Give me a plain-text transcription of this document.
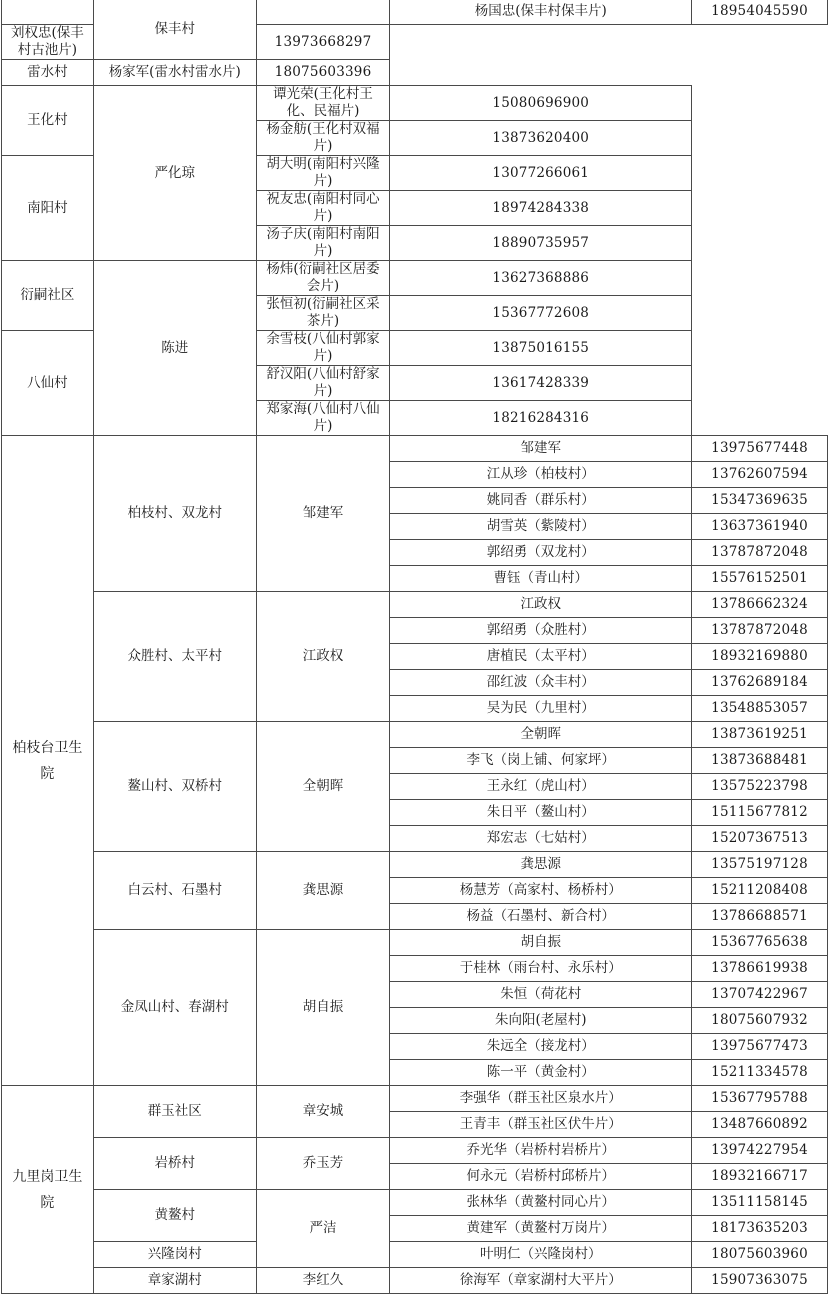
	保丰村		杨国忠(保丰村保丰片)	18954045590
刘权忠(保丰村古池片)		13973668297		
雷水村	杨家军(雷水村雷水片)	18075603396		
王化村	严化琼	谭光荣(王化村王化、民福片)	15080696900	
		杨金舫(王化村双福片)	13873620400	
南阳村		胡大明(南阳村兴隆片)	13077266061	
		祝友忠(南阳村同心片)	18974284338	
		汤子庆(南阳村南阳片)	18890735957	
衍嗣社区	陈进	杨炜(衍嗣社区居委会片)	13627368886	
		张恒初(衍嗣社区采茶片)	15367772608	
八仙村		余雪枝(八仙村郭家片)	13875016155	
		舒汉阳(八仙村舒家片)	13617428339	
		郑家海(八仙村八仙片)	18216284316	
柏枝台卫生院	柏枝村、双龙村	邹建军	邹建军	13975677448
			江从珍（柏枝村）	13762607594
			姚同香（群乐村）	15347369635
			胡雪英（紫陵村）	13637361940
			郭绍勇（双龙村）	13787872048
			曹钰（青山村）	15576152501
	众胜村、太平村	江政权	江政权	13786662324
			郭绍勇（众胜村）	13787872048
			唐植民（太平村）	18932169880
			邵红波（众丰村）	13762689184
			吴为民（九里村）	13548853057
	鳌山村、双桥村	全朝晖	全朝晖	13873619251
			李飞（岗上铺、何家坪）	13873688481
			王永红（虎山村）	13575223798
			朱日平（鳌山村）	15115677812
			郑宏志（七姑村）	15207367513
	白云村、石墨村	龚思源	龚思源	13575197128
			杨慧芳（高家村、杨桥村）	15211208408
			杨益（石墨村、新合村）	13786688571
	金凤山村、春湖村	胡自振	胡自振	15367765638
			于桂林（雨台村、永乐村）	13786619938
			朱恒（荷花村	13707422967
			朱向阳(老屋村)	18075607932
			朱远全（接龙村）	13975677473
			陈一平（黄金村）	15211334578
九里岗卫生院	群玉社区	章安城	李强华（群玉社区泉水片）	15367795788
			王青丰（群玉社区伏牛片）	13487660892
	岩桥村	乔玉芳	乔光华（岩桥村岩桥片）	13974227954
			何永元（岩桥村邱桥片）	18932166717
	黄鳌村	严洁	张林华（黄鳌村同心片）	13511158145
			黄建军（黄鳌村万岗片）	18173635203
	兴隆岗村		叶明仁（兴隆岗村）	18075603960
	章家湖村	李红久	徐海军（章家湖村大平片）	15907363075
